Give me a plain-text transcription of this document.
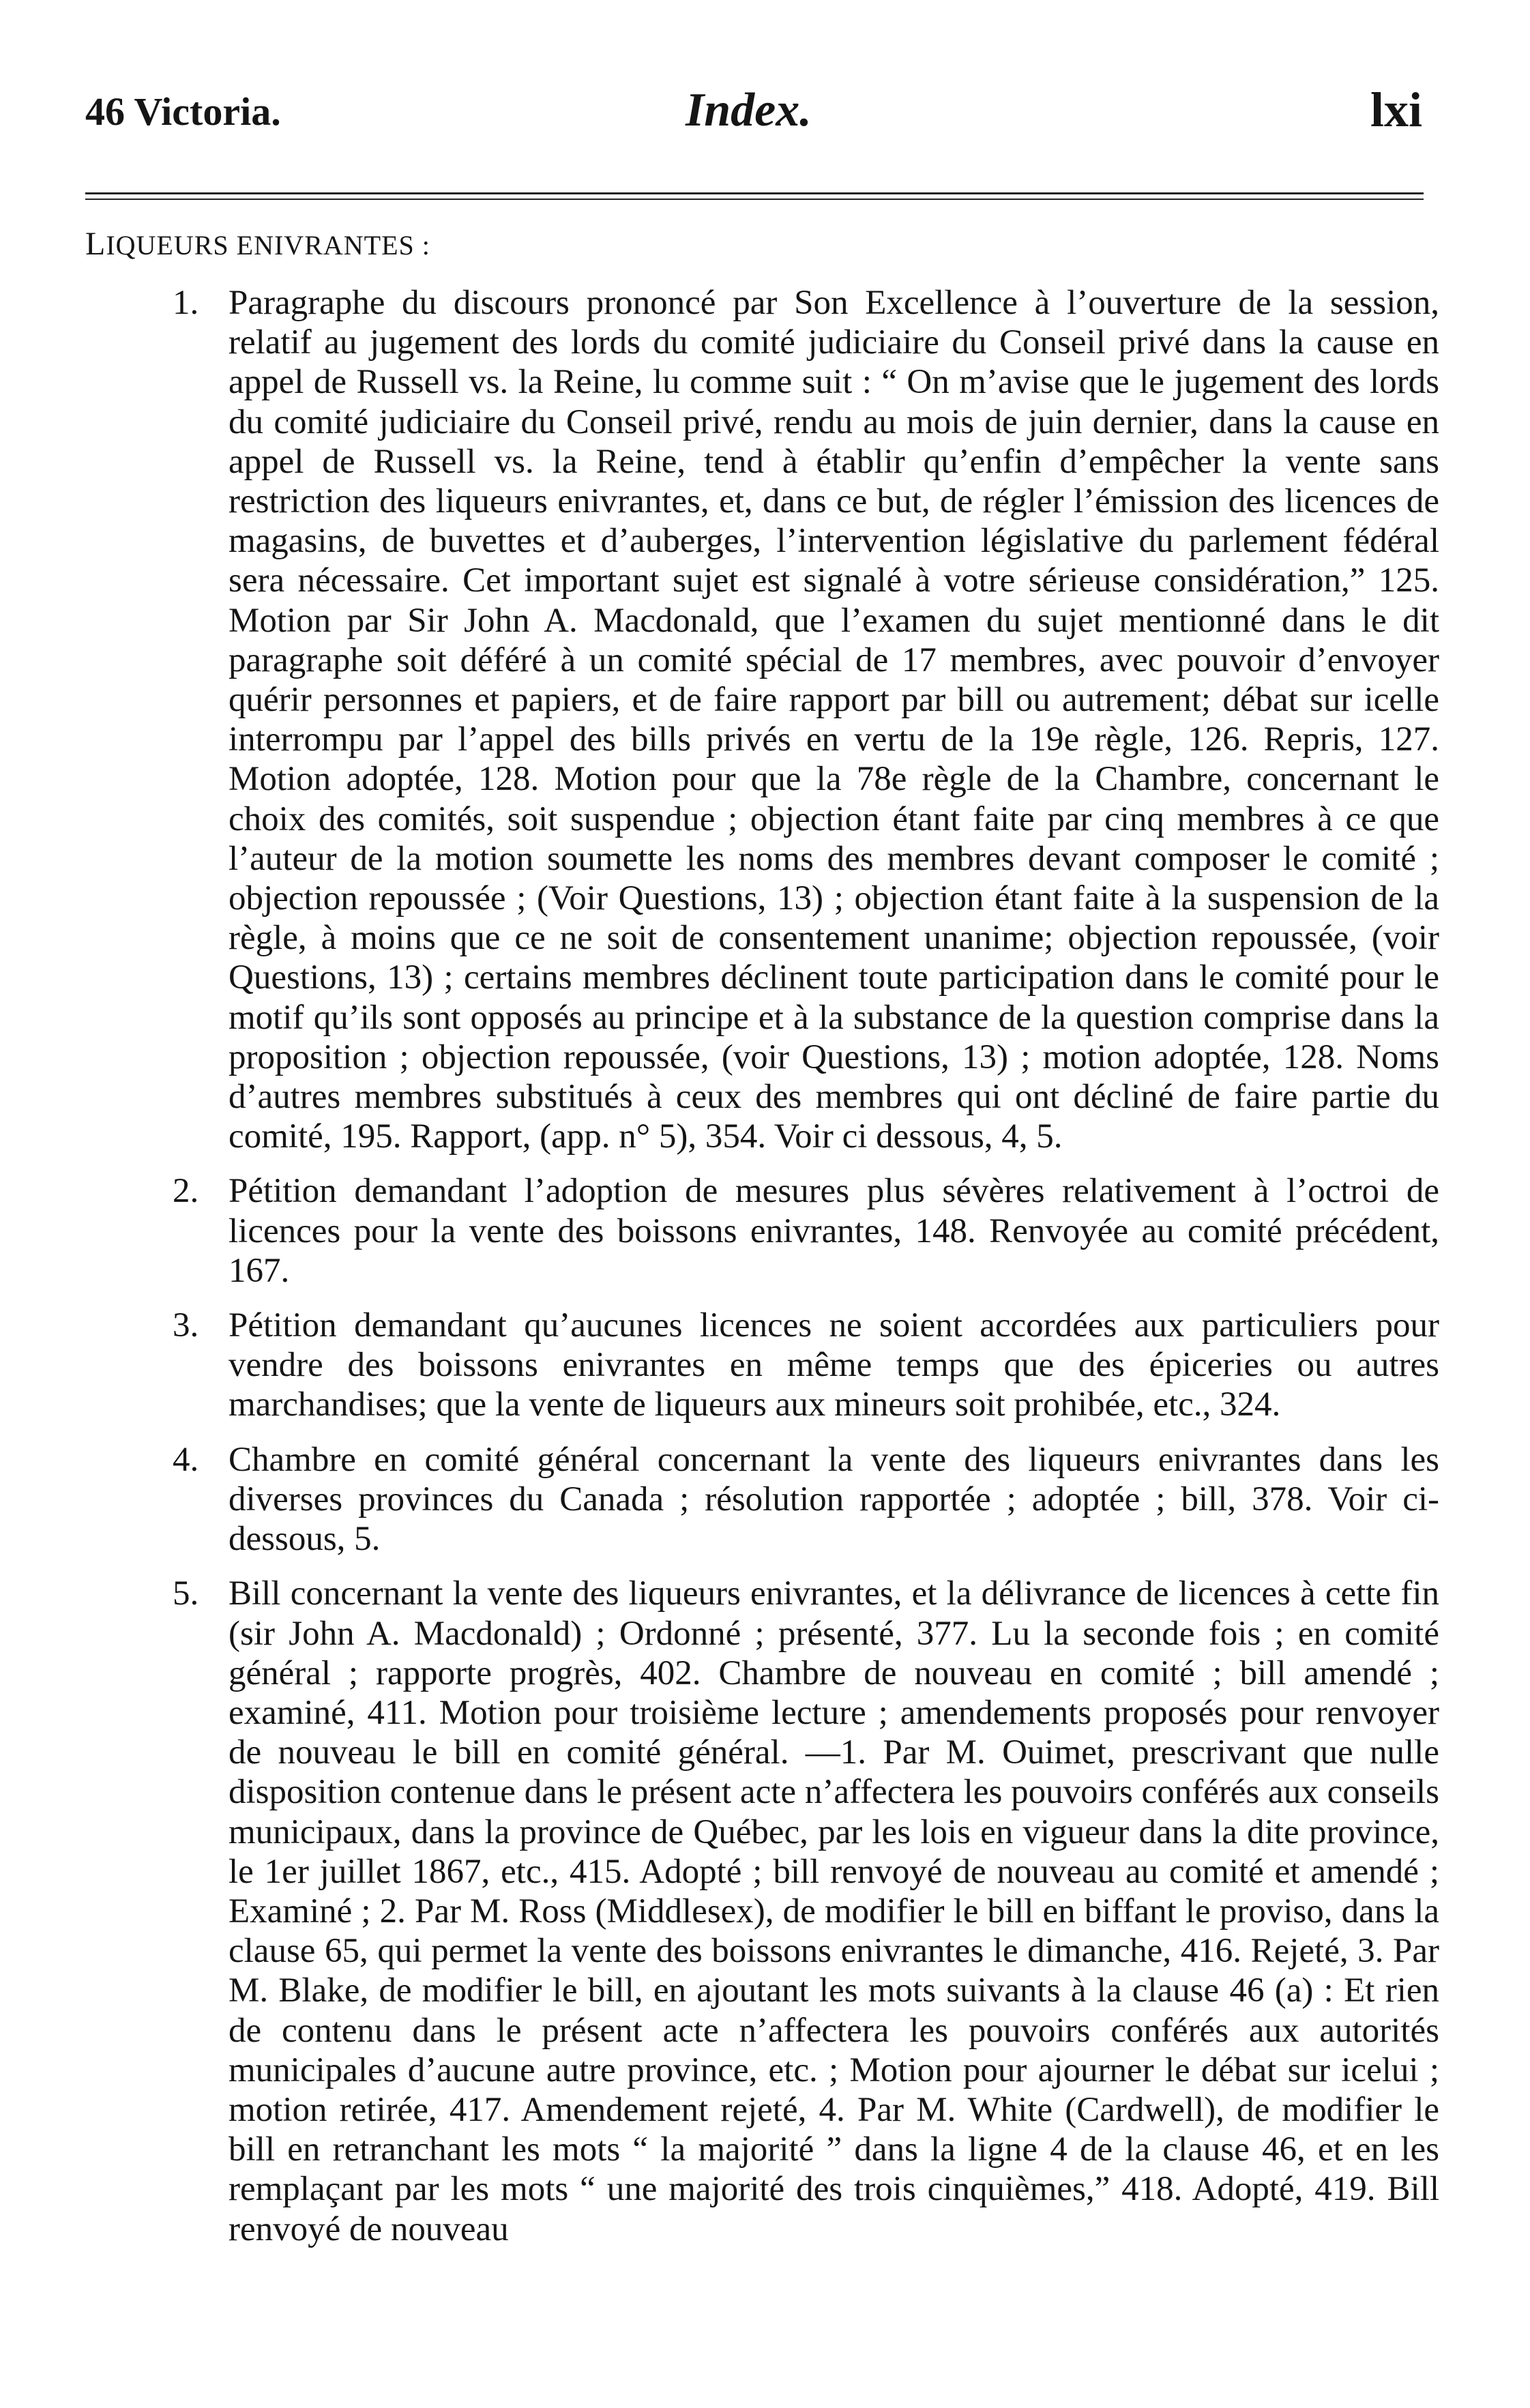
46 Victoria.	Index.	lxi
LIQUEURS ENIVRANTES :
1. Paragraphe du discours prononcé par Son Excellence à l’ouverture de la session, relatif au jugement des lords du comité judiciaire du Conseil privé dans la cause en appel de Russell vs. la Reine, lu comme suit : “ On m’avise que le jugement des lords du comité judiciaire du Conseil privé, rendu au mois de juin dernier, dans la cause en appel de Russell vs. la Reine, tend à établir qu’enfin d’empêcher la vente sans restriction des liqueurs enivrantes, et, dans ce but, de régler l’émission des licences de magasins, de buvettes et d’auberges, l’intervention législative du parlement fédéral sera nécessaire. Cet important sujet est signalé à votre sérieuse considération,” 125. Motion par Sir John A. Macdonald, que l’examen du sujet mentionné dans le dit paragraphe soit déféré à un comité spécial de 17 membres, avec pouvoir d’envoyer quérir personnes et papiers, et de faire rapport par bill ou autrement; débat sur icelle interrompu par l’appel des bills privés en vertu de la 19e règle, 126. Repris, 127. Motion adoptée, 128. Motion pour que la 78e règle de la Chambre, concernant le choix des comités, soit suspendue ; objection étant faite par cinq membres à ce que l’auteur de la motion soumette les noms des membres devant composer le comité ; objection repoussée ; (Voir Questions, 13) ; objection étant faite à la suspension de la règle, à moins que ce ne soit de consentement unanime; objection repoussée, (voir Questions, 13) ; certains membres déclinent toute participation dans le comité pour le motif qu’ils sont opposés au principe et à la substance de la question comprise dans la proposition ; objection repoussée, (voir Questions, 13) ; motion adoptée, 128. Noms d’autres membres substitués à ceux des membres qui ont décliné de faire partie du comité, 195. Rapport, (app. n° 5), 354. Voir ci dessous, 4, 5.
2. Pétition demandant l’adoption de mesures plus sévères relativement à l’octroi de licences pour la vente des boissons enivrantes, 148. Renvoyée au comité précédent, 167.
3. Pétition demandant qu’aucunes licences ne soient accordées aux particuliers pour vendre des boissons enivrantes en même temps que des épiceries ou autres marchandises; que la vente de liqueurs aux mineurs soit prohibée, etc., 324.
4. Chambre en comité général concernant la vente des liqueurs enivrantes dans les diverses provinces du Canada ; résolution rapportée ; adoptée ; bill, 378. Voir ci-dessous, 5.
5. Bill concernant la vente des liqueurs enivrantes, et la délivrance de licences à cette fin (sir John A. Macdonald) ; Ordonné ; présenté, 377. Lu la seconde fois ; en comité général ; rapporte progrès, 402. Chambre de nouveau en comité ; bill amendé ; examiné, 411. Motion pour troisième lecture ; amendements proposés pour renvoyer de nouveau le bill en comité général. —1. Par M. Ouimet, prescrivant que nulle disposition contenue dans le présent acte n’affectera les pouvoirs conférés aux conseils municipaux, dans la province de Québec, par les lois en vigueur dans la dite province, le 1er juillet 1867, etc., 415. Adopté ; bill renvoyé de nouveau au comité et amendé ; Examiné ; 2. Par M. Ross (Middlesex), de modifier le bill en biffant le proviso, dans la clause 65, qui permet la vente des boissons enivrantes le dimanche, 416. Rejeté, 3. Par M. Blake, de modifier le bill, en ajoutant les mots suivants à la clause 46 (a) : Et rien de contenu dans le présent acte n’affectera les pouvoirs conférés aux autorités municipales d’aucune autre province, etc. ; Motion pour ajourner le débat sur icelui ; motion retirée, 417. Amendement rejeté, 4. Par M. White (Cardwell), de modifier le bill en retranchant les mots “ la majorité ” dans la ligne 4 de la clause 46, et en les remplaçant par les mots “ une majorité des trois cinquièmes,” 418. Adopté, 419. Bill renvoyé de nouveau
